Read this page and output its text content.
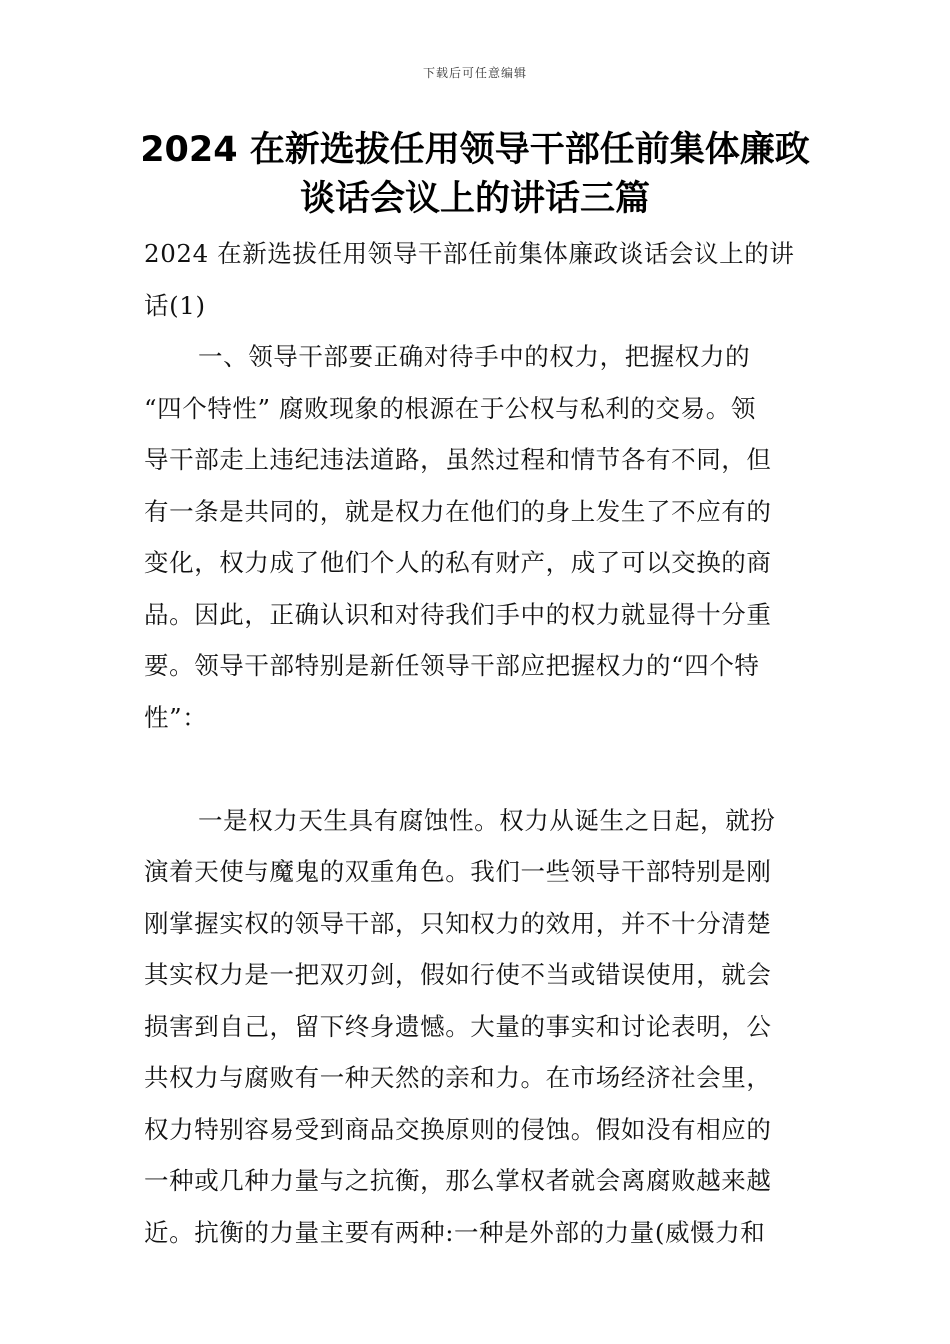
下载后可任意编辑
2024 在新选拔任用领导干部任前集体廉政
谈话会议上的讲话三篇
2024 在新选拔任用领导干部任前集体廉政谈话会议上的讲
话(1)
一、领导干部要正确对待手中的权力，把握权力的
“四个特性” 腐败现象的根源在于公权与私利的交易。领
导干部走上违纪违法道路，虽然过程和情节各有不同，但
有一条是共同的，就是权力在他们的身上发生了不应有的
变化，权力成了他们个人的私有财产，成了可以交换的商
品。因此，正确认识和对待我们手中的权力就显得十分重
要。领导干部特别是新任领导干部应把握权力的“四个特
性”：
一是权力天生具有腐蚀性。权力从诞生之日起，就扮
演着天使与魔鬼的双重角色。我们一些领导干部特别是刚
刚掌握实权的领导干部，只知权力的效用，并不十分清楚
其实权力是一把双刃剑，假如行使不当或错误使用，就会
损害到自己，留下终身遗憾。大量的事实和讨论表明，公
共权力与腐败有一种天然的亲和力。在市场经济社会里，
权力特别容易受到商品交换原则的侵蚀。假如没有相应的
一种或几种力量与之抗衡，那么掌权者就会离腐败越来越
近。抗衡的力量主要有两种:一种是外部的力量(威慑力和
